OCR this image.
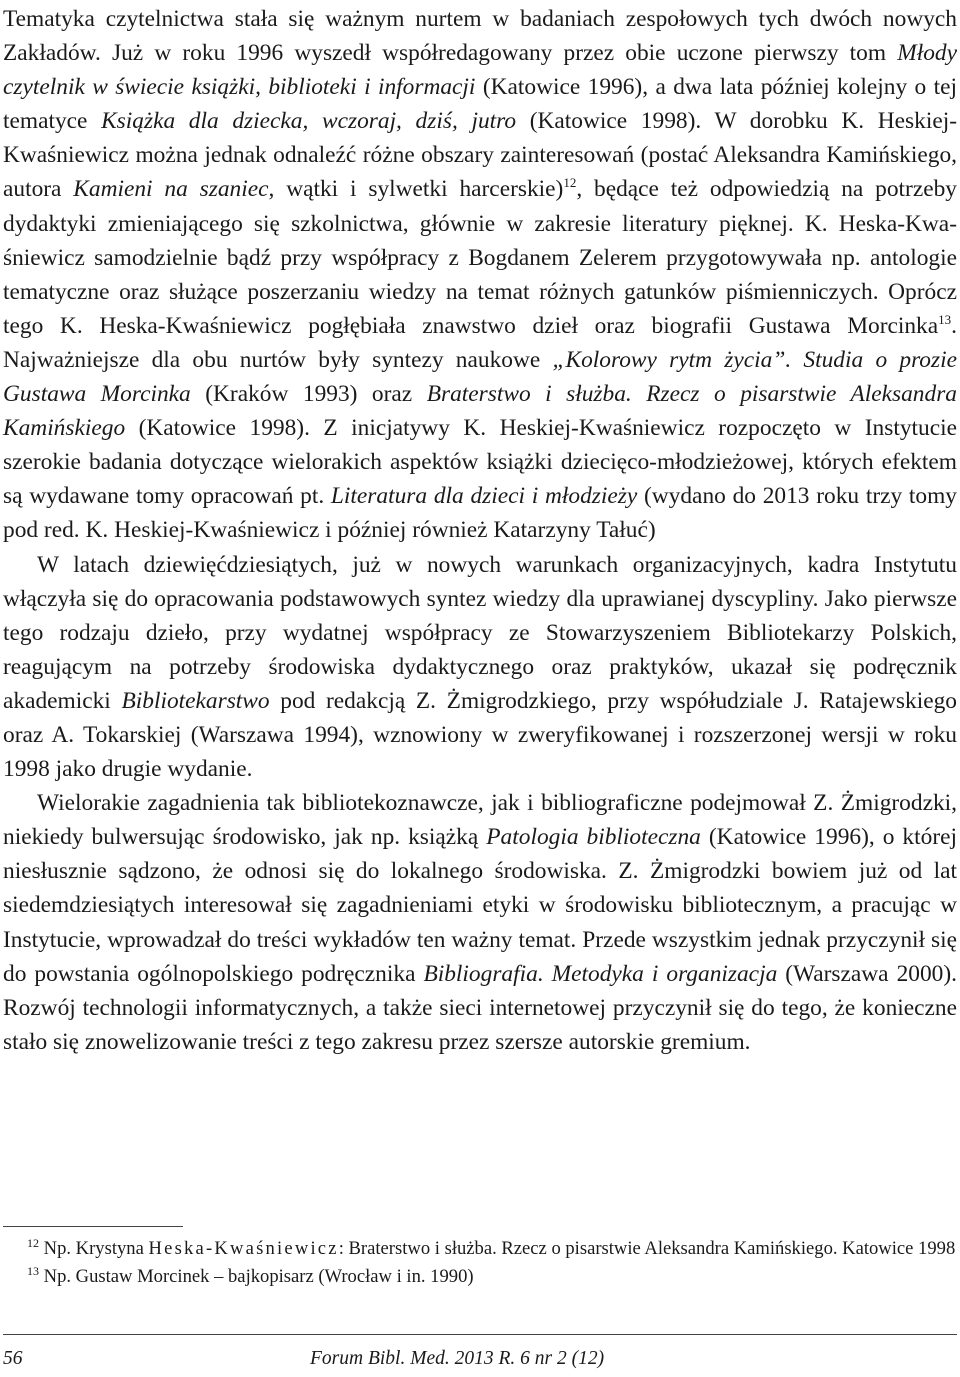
Tematyka czytelnictwa stała się ważnym nurtem w badaniach zespołowych tych dwóch nowych Zakładów. Już w roku 1996 wyszedł współredagowany przez obie uczone pierwszy tom Młody czytelnik w świecie książki, biblioteki i informacji (Katowice 1996), a dwa lata później kolejny o tej tematyce Książka dla dziecka, wczoraj, dziś, jutro (Katowice 1998). W dorobku K. Heskiej-Kwaśniewicz można jednak odnaleźć różne obszary zainteresowań (postać Aleksandra Kamińskiego, autora Kamieni na szaniec, wątki i sylwetki harcerskie)$^{12}$, będące też odpowiedzią na potrzeby dydaktyki zmieniającego się szkolnictwa, głównie w zakresie literatury pięknej. K. Heska-Kwaśniewicz samodzielnie bądź przy współpracy z Bogdanem Zelerem przygotowywała np. antologie tematyczne oraz służące poszerzaniu wiedzy na temat różnych gatunków piśmienniczych. Oprócz tego K. Heska-Kwaśniewicz pogłębiała znawstwo dzieł oraz biografii Gustawa Morcinka$^{13}$. Najważniejsze dla obu nurtów były syntezy naukowe „Kolorowy rytm życia”. Studia o prozie Gustawa Morcinka (Kraków 1993) oraz Braterstwo i służba. Rzecz o pisarstwie Aleksandra Kamińskiego (Katowice 1998). Z inicjatywy K. Heskiej-Kwaśniewicz rozpoczęto w Instytucie szerokie badania dotyczące wielorakich aspektów książki dziecięco-młodzieżowej, których efektem są wydawane tomy opracowań pt. Literatura dla dzieci i młodzieży (wydano do 2013 roku trzy tomy pod red. K. Heskiej-Kwaśniewicz i później również Katarzyny Tałuć)

W latach dziewięćdziesiątych, już w nowych warunkach organizacyjnych, kadra Instytutu włączyła się do opracowania podstawowych syntez wiedzy dla uprawianej dyscypliny. Jako pierwsze tego rodzaju dzieło, przy wydatnej współpracy ze Stowarzyszeniem Bibliotekarzy Polskich, reagującym na potrzeby środowiska dydaktycznego oraz praktyków, ukazał się podręcznik akademicki Bibliotekarstwo pod redakcją Z. Żmigrodzkiego, przy współudziale J. Ratajewskiego oraz A. Tokarskiej (Warszawa 1994), wznowiony w zweryfikowanej i rozszerzonej wersji w roku 1998 jako drugie wydanie.

Wielorakie zagadnienia tak bibliotekoznawcze, jak i bibliograficzne podejmował Z. Żmigrodzki, niekiedy bulwersując środowisko, jak np. książką Patologia biblioteczna (Katowice 1996), o której niesłusznie sądzono, że odnosi się do lokalnego środowiska. Z. Żmigrodzki bowiem już od lat siedemdziesiątych interesował się zagadnieniami etyki w środowisku bibliotecznym, a pracując w Instytucie, wprowadzał do treści wykładów ten ważny temat. Przede wszystkim jednak przyczynił się do powstania ogólnopolskiego podręcznika Bibliografia. Metodyka i organizacja (Warszawa 2000). Rozwój technologii informatycznych, a także sieci internetowej przyczynił się do tego, że konieczne stało się znowelizowanie treści z tego zakresu przez szersze autorskie gremium.

$^{12}$ Np. Krystyna Heska-Kwaśniewicz: Braterstwo i służba. Rzecz o pisarstwie Aleksandra Kamińskiego. Katowice 1998

$^{13}$ Np. Gustaw Morcinek – bajkopisarz (Wrocław i in. 1990)

56	Forum Bibl. Med. 2013 R. 6 nr 2 (12)
